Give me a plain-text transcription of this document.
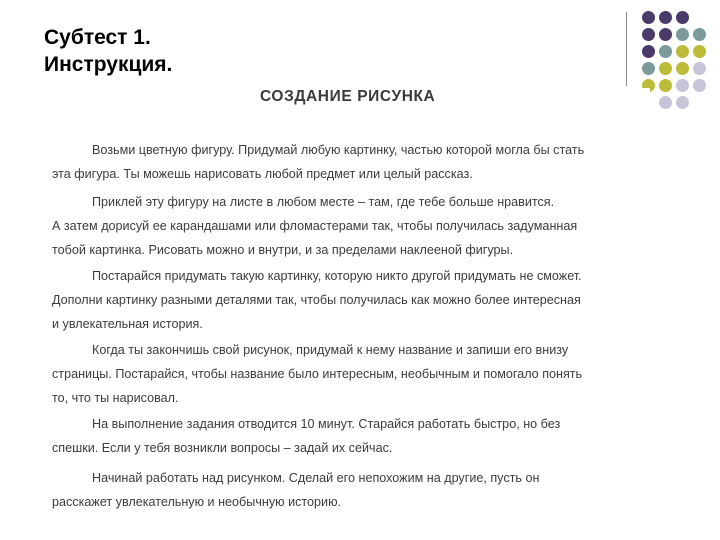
Субтест 1.
Инструкция.
СОЗДАНИЕ РИСУНКА
Возьми цветную фигуру. Придумай любую картинку, частью которой могла бы стать
эта фигура. Ты можешь нарисовать любой предмет или целый рассказ.
Приклей эту фигуру на листе в любом месте – там, где тебе больше нравится.
А затем дорисуй ее карандашами или фломастерами так, чтобы получилась задуманная
тобой картинка. Рисовать можно и внутри, и за пределами наклееной фигуры.
Постарайся придумать такую картинку, которую никто другой придумать не сможет.
Дополни картинку разными деталями так, чтобы получилась как можно более интересная
и увлекательная история.
Когда ты закончишь свой рисунок, придумай к нему название и запиши его внизу
страницы. Постарайся, чтобы название было интересным, необычным и помогало понять
то, что ты нарисовал.
На выполнение задания отводится 10 минут. Старайся работать быстро, но без
спешки. Если у тебя возникли вопросы – задай их сейчас.
Начинай работать над рисунком. Сделай его непохожим на другие, пусть он
расскажет увлекательную и необычную историю.
